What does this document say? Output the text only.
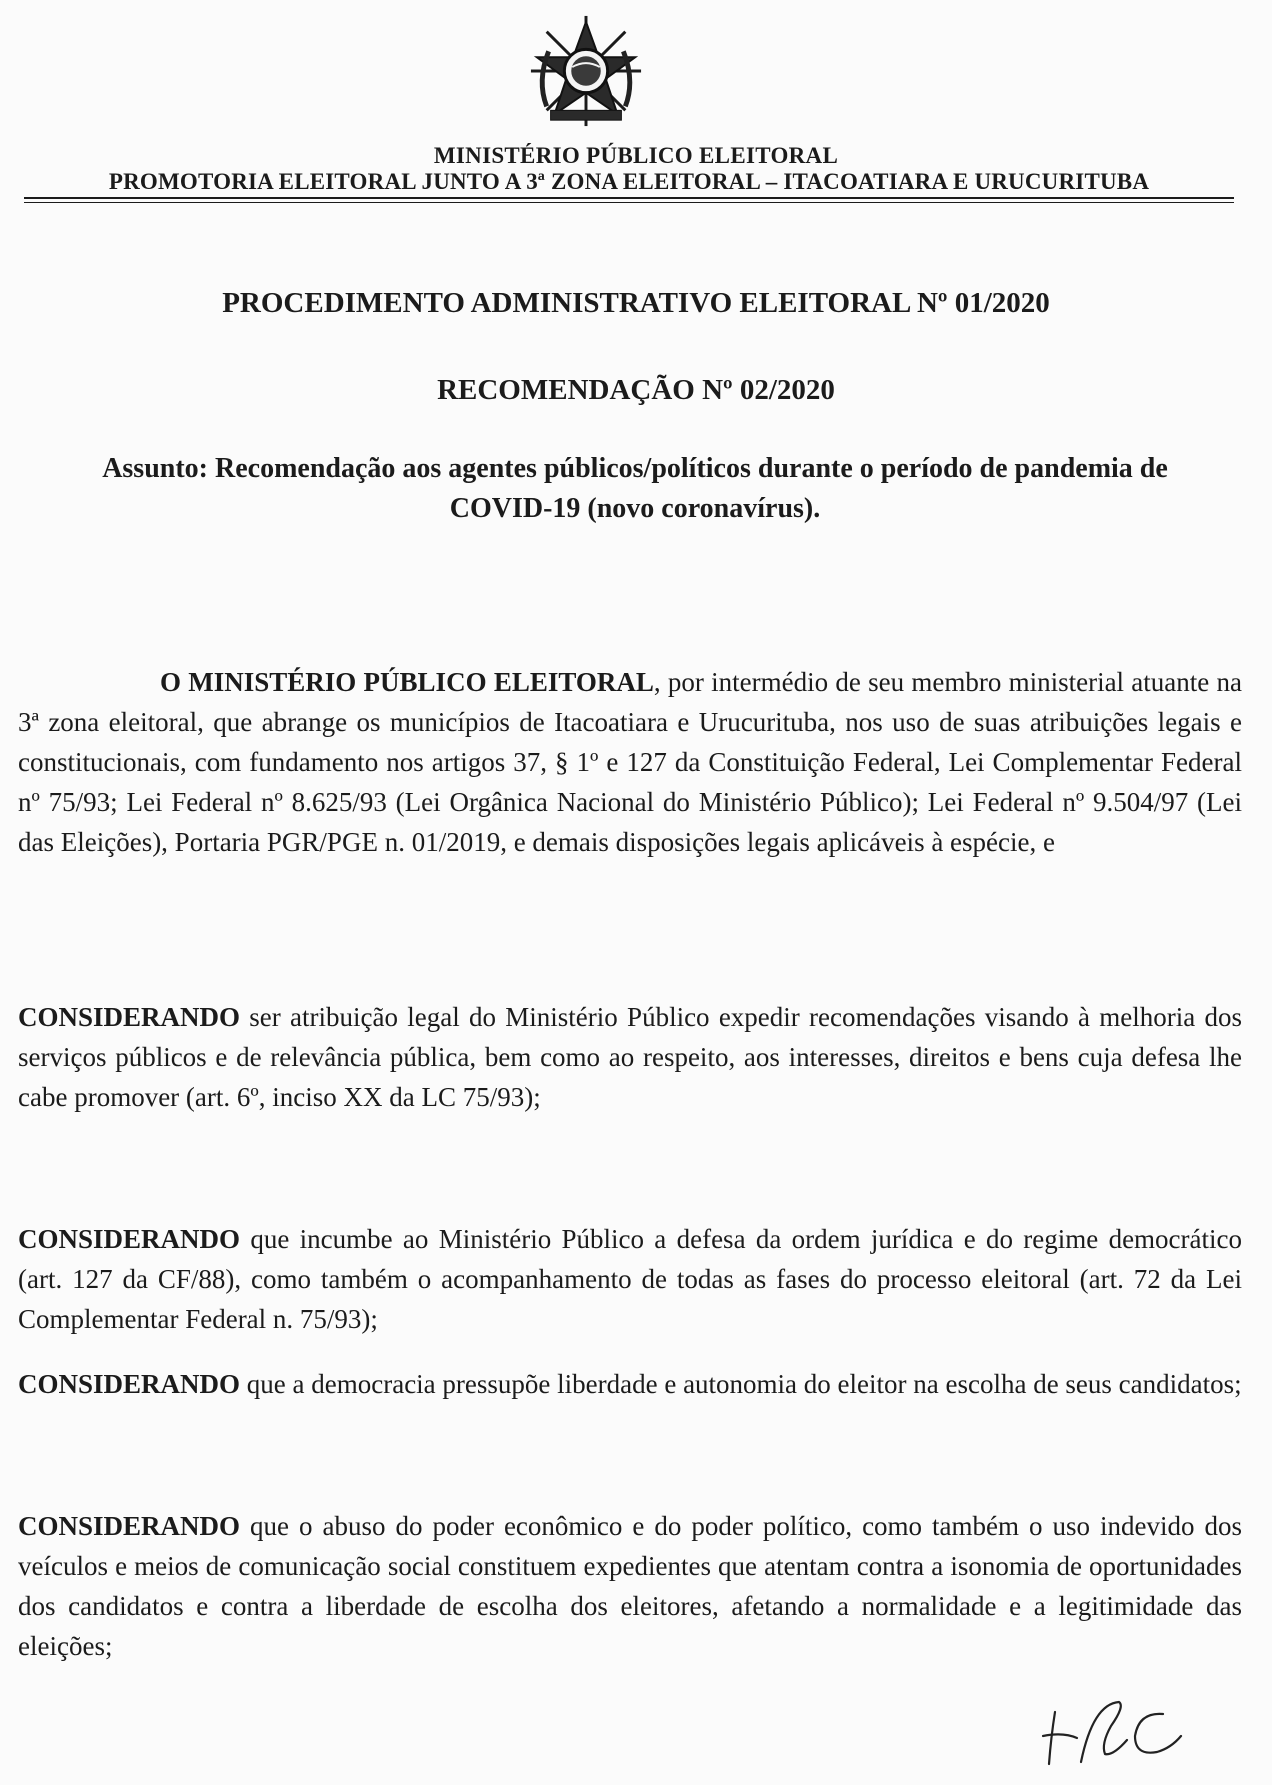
MINISTÉRIO PÚBLICO ELEITORAL
PROMOTORIA ELEITORAL JUNTO A 3ª ZONA ELEITORAL – ITACOATIARA E URUCURITUBA
PROCEDIMENTO ADMINISTRATIVO ELEITORAL Nº 01/2020
RECOMENDAÇÃO Nº 02/2020
Assunto: Recomendação aos agentes públicos/políticos durante o período de pandemia de COVID-19 (novo coronavírus).
O MINISTÉRIO PÚBLICO ELEITORAL, por intermédio de seu membro ministerial atuante na 3ª zona eleitoral, que abrange os municípios de Itacoatiara e Urucurituba, nos uso de suas atribuições legais e constitucionais, com fundamento nos artigos 37, § 1º e 127 da Constituição Federal, Lei Complementar Federal nº 75/93; Lei Federal nº 8.625/93 (Lei Orgânica Nacional do Ministério Público); Lei Federal nº 9.504/97 (Lei das Eleições), Portaria PGR/PGE n. 01/2019, e demais disposições legais aplicáveis à espécie, e
CONSIDERANDO ser atribuição legal do Ministério Público expedir recomendações visando à melhoria dos serviços públicos e de relevância pública, bem como ao respeito, aos interesses, direitos e bens cuja defesa lhe cabe promover (art. 6º, inciso XX da LC 75/93);
CONSIDERANDO que incumbe ao Ministério Público a defesa da ordem jurídica e do regime democrático (art. 127 da CF/88), como também o acompanhamento de todas as fases do processo eleitoral (art. 72 da Lei Complementar Federal n. 75/93);
CONSIDERANDO que a democracia pressupõe liberdade e autonomia do eleitor na escolha de seus candidatos;
CONSIDERANDO que o abuso do poder econômico e do poder político, como também o uso indevido dos veículos e meios de comunicação social constituem expedientes que atentam contra a isonomia de oportunidades dos candidatos e contra a liberdade de escolha dos eleitores, afetando a normalidade e a legitimidade das eleições;
